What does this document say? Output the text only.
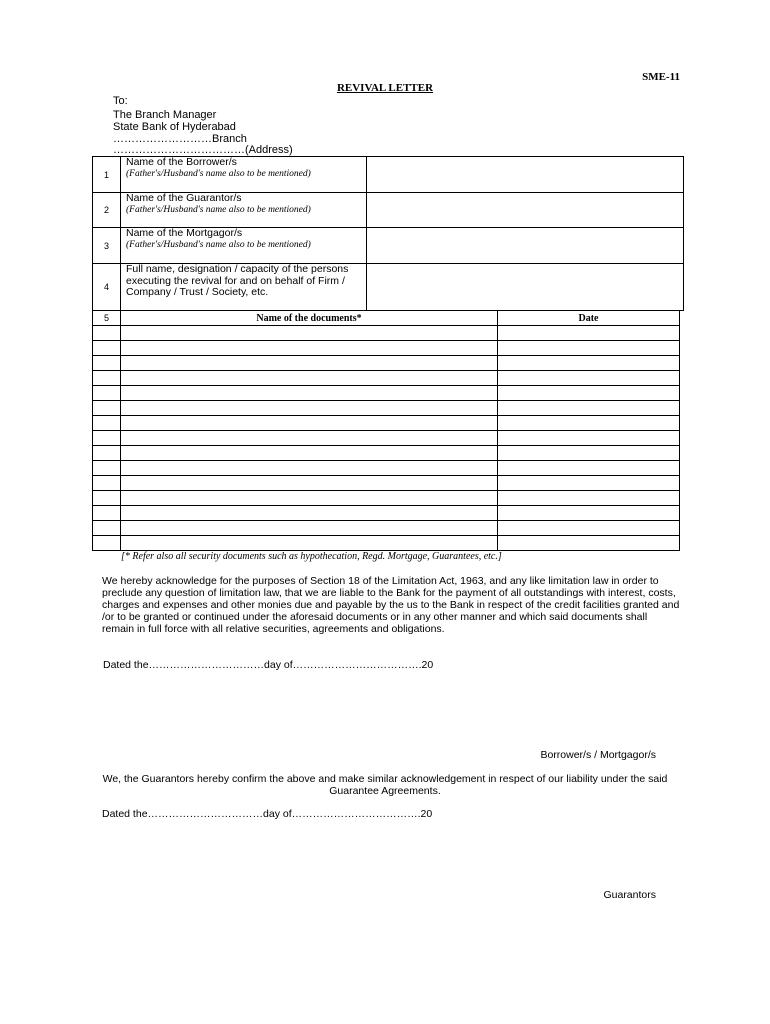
SME-11
REVIVAL LETTER
To:
The Branch Manager
State Bank of Hyderabad
………………………Branch
………………………………(Address)
1	Name of the Borrower/s
(Father's/Husband's name also to be mentioned)	

2	Name of the Guarantor/s
(Father's/Husband's name also to be mentioned)	

3	Name of the Mortgagor/s
(Father's/Husband's name also to be mentioned)	

4	Full name, designation / capacity of the persons executing the revival for and on behalf of Firm / Company / Trust / Society, etc.	
5	Name of the documents*	Date

[* Refer also all security documents such as hypothecation, Regd. Mortgage, Guarantees, etc.]
We hereby acknowledge for the purposes of Section 18 of the Limitation Act, 1963, and any like limitation law in order to preclude any question of limitation law, that we are liable to the Bank for the payment of all outstandings with interest, costs, charges and expenses and other monies due and payable by the us to the Bank in respect of the credit facilities granted and /or to be granted or continued under the aforesaid documents or in any other manner and which said documents shall remain in full force with all relative securities, agreements and obligations.
Dated the……………………………day of……………………………….20
Borrower/s / Mortgagor/s
We, the Guarantors hereby confirm the above and make similar acknowledgement in respect of our liability under the said Guarantee Agreements.
Dated the……………………………day of……………………………….20
Guarantors
